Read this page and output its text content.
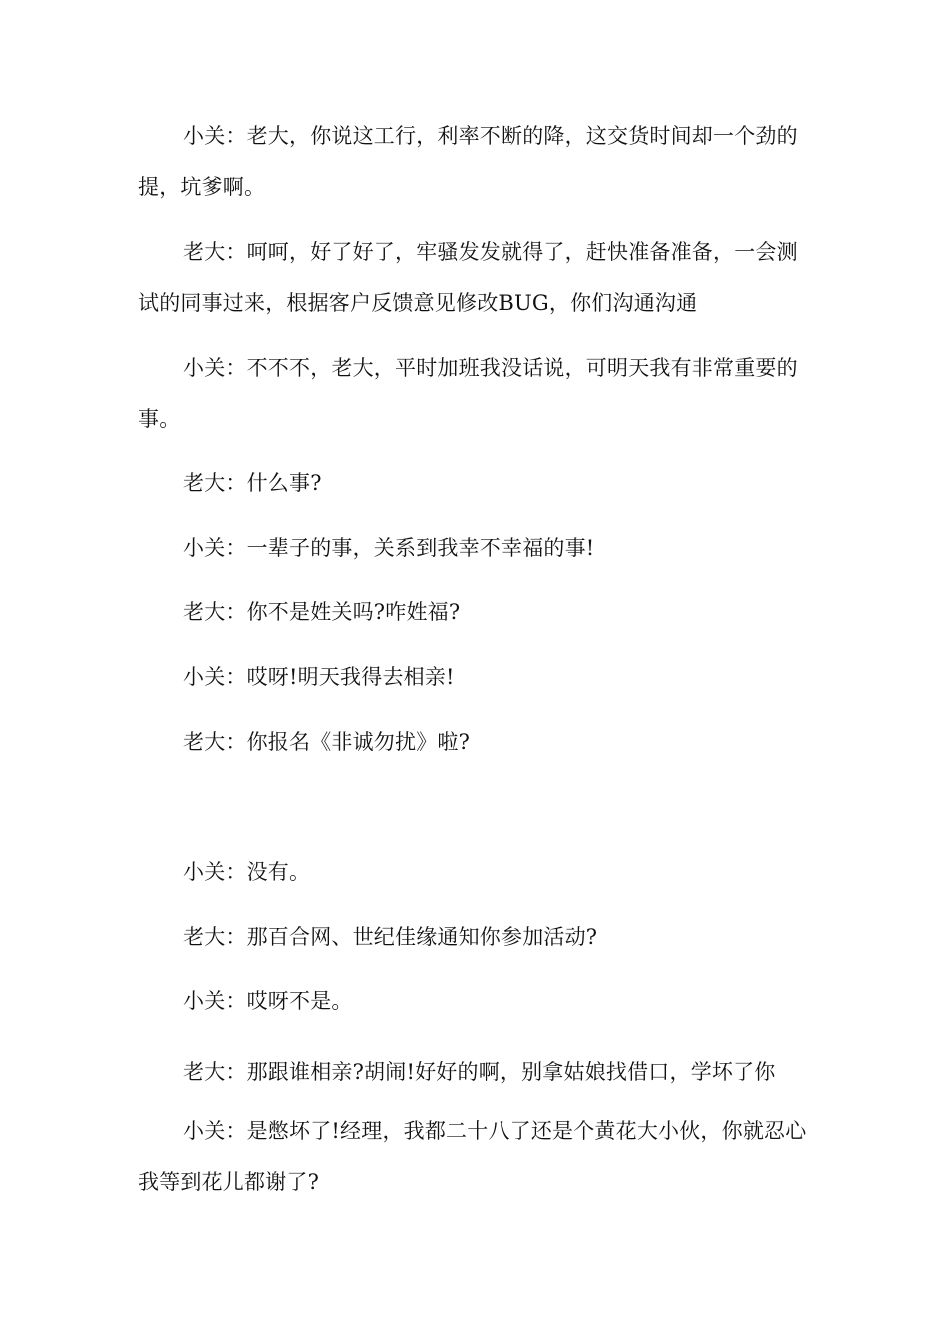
小关：老大，你说这工行，利率不断的降，这交货时间却一个劲的提，坑爹啊。

老大：呵呵，好了好了，牢骚发发就得了，赶快准备准备，一会测试的同事过来，根据客户反馈意见修改BUG，你们沟通沟通

小关：不不不，老大，平时加班我没话说，可明天我有非常重要的事。

老大：什么事?

小关：一辈子的事，关系到我幸不幸福的事!

老大：你不是姓关吗?咋姓福?

小关：哎呀!明天我得去相亲!

老大：你报名《非诚勿扰》啦?

小关：没有。

老大：那百合网、世纪佳缘通知你参加活动?

小关：哎呀不是。

老大：那跟谁相亲?胡闹!好好的啊，别拿姑娘找借口，学坏了你

小关：是憋坏了!经理，我都二十八了还是个黄花大小伙，你就忍心我等到花儿都谢了?
